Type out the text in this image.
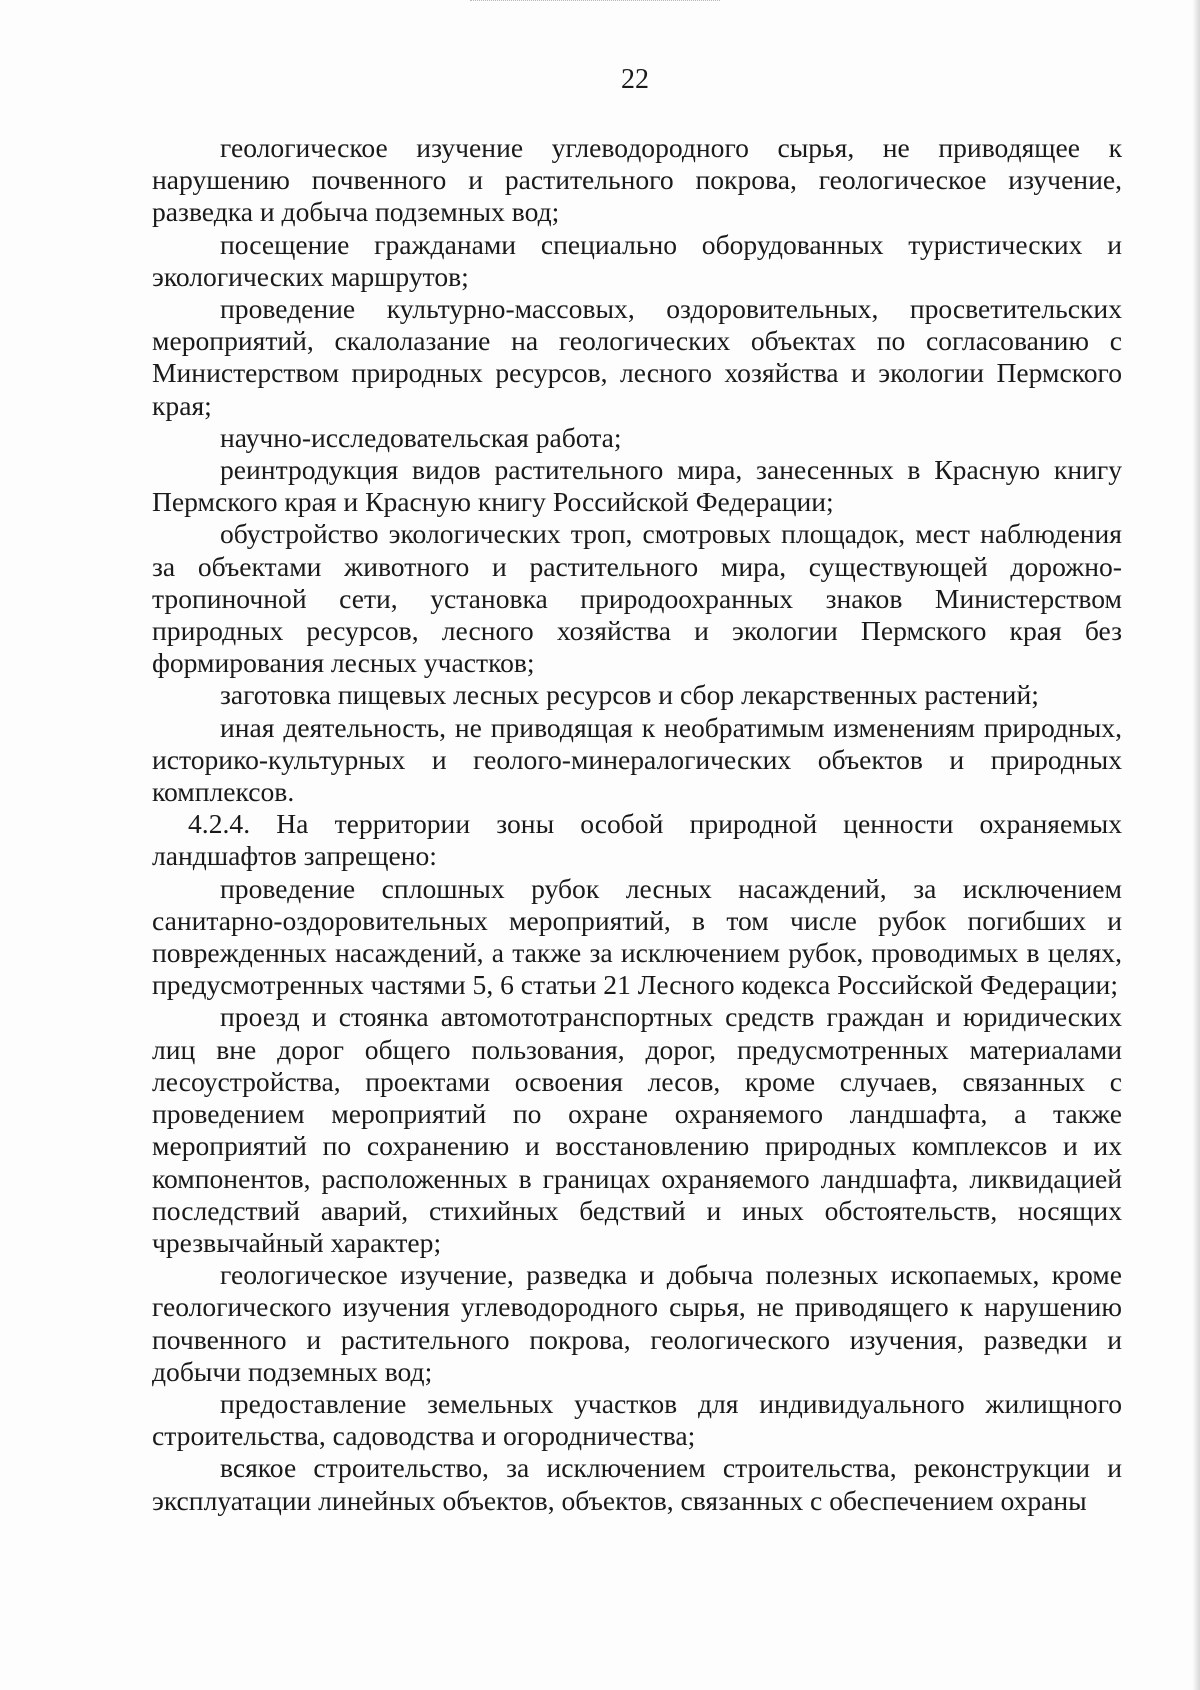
22

геологическое изучение углеводородного сырья, не приводящее к нарушению почвенного и растительного покрова, геологическое изучение, разведка и добыча подземных вод;

посещение гражданами специально оборудованных туристических и экологических маршрутов;

проведение культурно-массовых, оздоровительных, просветительских мероприятий, скалолазание на геологических объектах по согласованию с Министерством природных ресурсов, лесного хозяйства и экологии Пермского края;

научно-исследовательская работа;

реинтродукция видов растительного мира, занесенных в Красную книгу Пермского края и Красную книгу Российской Федерации;

обустройство экологических троп, смотровых площадок, мест наблюдения за объектами животного и растительного мира, существующей дорожно-тропиночной сети, установка природоохранных знаков Министерством природных ресурсов, лесного хозяйства и экологии Пермского края без формирования лесных участков;

заготовка пищевых лесных ресурсов и сбор лекарственных растений;

иная деятельность, не приводящая к необратимым изменениям природных, историко-культурных и геолого-минералогических объектов и природных комплексов.

4.2.4. На территории зоны особой природной ценности охраняемых ландшафтов запрещено:

проведение сплошных рубок лесных насаждений, за исключением санитарно-оздоровительных мероприятий, в том числе рубок погибших и поврежденных насаждений, а также за исключением рубок, проводимых в целях, предусмотренных частями 5, 6 статьи 21 Лесного кодекса Российской Федерации;

проезд и стоянка автомототранспортных средств граждан и юридических лиц вне дорог общего пользования, дорог, предусмотренных материалами лесоустройства, проектами освоения лесов, кроме случаев, связанных с проведением мероприятий по охране охраняемого ландшафта, а также мероприятий по сохранению и восстановлению природных комплексов и их компонентов, расположенных в границах охраняемого ландшафта, ликвидацией последствий аварий, стихийных бедствий и иных обстоятельств, носящих чрезвычайный характер;

геологическое изучение, разведка и добыча полезных ископаемых, кроме геологического изучения углеводородного сырья, не приводящего к нарушению почвенного и растительного покрова, геологического изучения, разведки и добычи подземных вод;

предоставление земельных участков для индивидуального жилищного строительства, садоводства и огородничества;

всякое строительство, за исключением строительства, реконструкции и эксплуатации линейных объектов, объектов, связанных с обеспечением охраны
